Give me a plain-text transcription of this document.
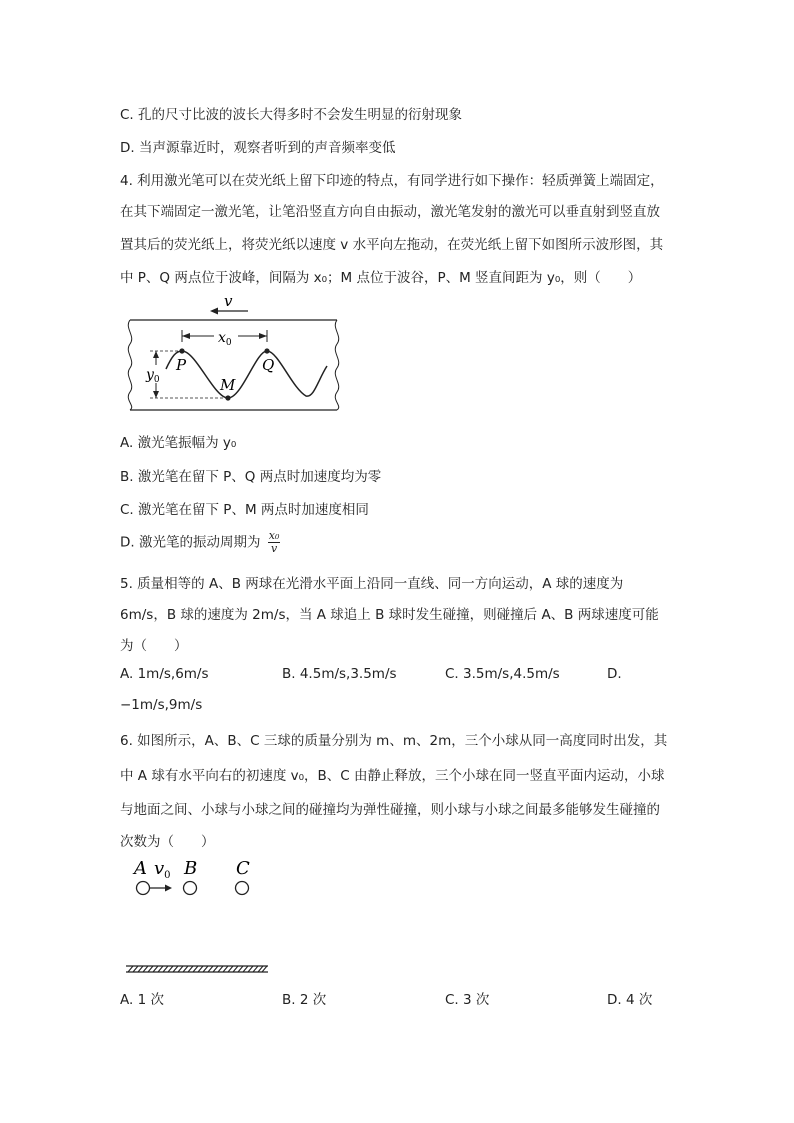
C. 孔的尺寸比波的波长大得多时不会发生明显的衍射现象
D. 当声源靠近时，观察者听到的声音频率变低
4. 利用激光笔可以在荧光纸上留下印迹的特点，有同学进行如下操作：轻质弹簧上端固定，
在其下端固定一激光笔，让笔沿竖直方向自由振动，激光笔发射的激光可以垂直射到竖直放
置其后的荧光纸上，将荧光纸以速度 v 水平向左拖动，在荧光纸上留下如图所示波形图，其
中 P、Q 两点位于波峰，间隔为 x₀；M 点位于波谷，P、M 竖直间距为 y₀，则（　　）
v
$x_0$
$y_0$
P	Q
M
A. 激光笔振幅为 y₀
B. 激光笔在留下 P、Q 两点时加速度均为零
C. 激光笔在留下 P、M 两点时加速度相同
D. 激光笔的振动周期为 $\frac{\text{x₀}}{v}$
5. 质量相等的 A、B 两球在光滑水平面上沿同一直线、同一方向运动，A 球的速度为
6m/s，B 球的速度为 2m/s，当 A 球追上 B 球时发生碰撞，则碰撞后 A、B 两球速度可能
为（　　）
A. 1m/s,6m/s	B. 4.5m/s,3.5m/s	C. 3.5m/s,4.5m/s	D.
−1m/s,9m/s
6. 如图所示，A、B、C 三球的质量分别为 m、m、2m，三个小球从同一高度同时出发，其
中 A 球有水平向右的初速度 v₀，B、C 由静止释放，三个小球在同一竖直平面内运动，小球
与地面之间、小球与小球之间的碰撞均为弹性碰撞，则小球与小球之间最多能够发生碰撞的
次数为（　　）
A $v_0$ B C
A. 1 次	B. 2 次	C. 3 次	D. 4 次
